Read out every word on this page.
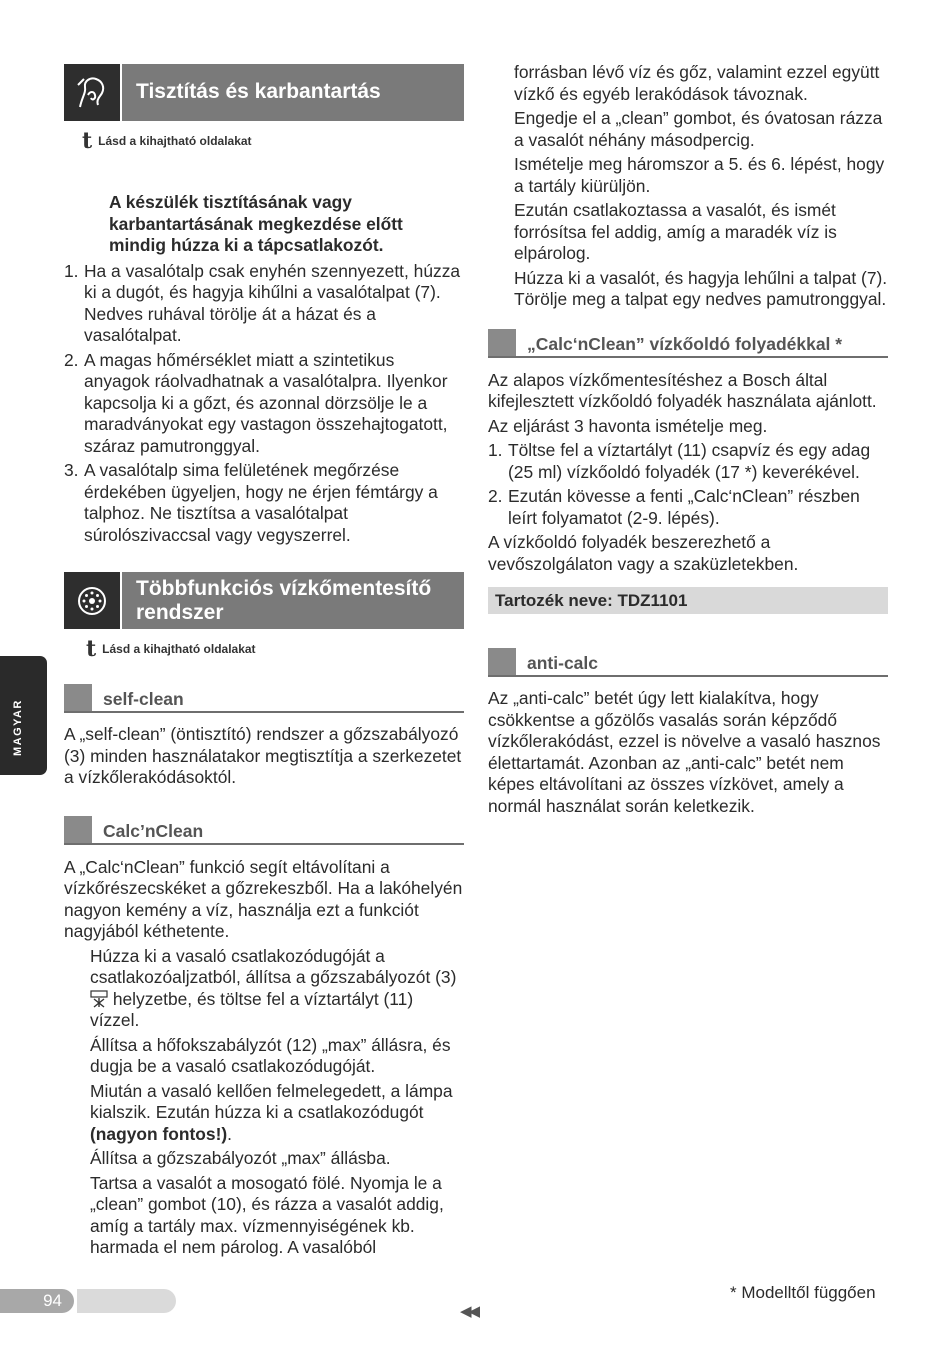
Tisztítás és karbantartás
t Lásd a kihajtható oldalakat

A készülék tisztításának vagy karbantartásának megkezdése előtt mindig húzza ki a tápcsatlakozót.

1. Ha a vasalótalp csak enyhén szennyezett, húzza ki a dugót, és hagyja kihűlni a vasalótalpat (7). Nedves ruhával törölje át a házat és a vasalótalpat.
2. A magas hőmérséklet miatt a szintetikus anyagok ráolvadhatnak a vasalótalpra. Ilyenkor kapcsolja ki a gőzt, és azonnal dörzsölje le a maradványokat egy vastagon összehajtogatott, száraz pamutronggyal.
3. A vasalótalp sima felületének megőrzése érdekében ügyeljen, hogy ne érjen fémtárgy a talphoz. Ne tisztítsa a vasalótalpat súrolószivaccsal vagy vegyszerrel.
Többfunkciós vízkőmentesítő rendszer
t Lásd a kihajtható oldalakat
self-clean

A „self-clean” (öntisztító) rendszer a gőzszabályozó (3) minden használatakor megtisztítja a szerkezetet a vízkőlerakódásoktól.

Calc’nClean

A „Calc‘nClean” funkció segít eltávolítani a vízkőrészecskéket a gőzrekeszből. Ha a lakóhelyén nagyon kemény a víz, használja ezt a funkciót nagyjából kéthetente.

Húzza ki a vasaló csatlakozódugóját a csatlakozóaljzatból, állítsa a gőzszabályozót (3)  helyzetbe, és töltse fel a víztartályt (11) vízzel.

Állítsa a hőfokszabályzót (12) „max” állásra, és dugja be a vasaló csatlakozódugóját.

Miután a vasaló kellően felmelegedett, a lámpa kialszik. Ezután húzza ki a csatlakozódugót (nagyon fontos!).

Állítsa a gőzszabályozót „max” állásba.

Tartsa a vasalót a mosogató fölé. Nyomja le a „clean” gombot (10), és rázza a vasalót addig, amíg a tartály max. vízmennyiségének kb. harmada el nem párolog. A vasalóból

forrásban lévő víz és gőz, valamint ezzel együtt vízkő és egyéb lerakódások távoznak.

Engedje el a „clean” gombot, és óvatosan rázza a vasalót néhány másodpercig.

Ismételje meg háromszor a 5. és 6. lépést, hogy a tartály kiürüljön.

Ezután csatlakoztassa a vasalót, és ismét forrósítsa fel addig, amíg a maradék víz is elpárolog.

Húzza ki a vasalót, és hagyja lehűlni a talpat (7). Törölje meg a talpat egy nedves pamutronggyal.

„Calc‘nClean” vízkőoldó folyadékkal *

Az alapos vízkőmentesítéshez a Bosch által kifejlesztett vízkőoldó folyadék használata ajánlott.

Az eljárást 3 havonta ismételje meg.

1. Töltse fel a víztartályt (11) csapvíz és egy adag (25 ml) vízkőoldó folyadék (17 *) keverékével.
2. Ezután kövesse a fenti „Calc‘nClean” részben leírt folyamatot (2-9. lépés).

A vízkőoldó folyadék beszerezhető a vevőszolgálaton vagy a szaküzletekben.

Tartozék neve: TDZ1101
anti-calc

Az „anti-calc” betét úgy lett kialakítva, hogy csökkentse a gőzölős vasalás során képződő vízkőlerakódást, ezzel is növelve a vasaló hasznos élettartamát. Azonban az „anti-calc” betét nem képes eltávolítani az összes vízkövet, amely a normál használat során keletkezik.

MAGYAR
94
◀◀
* Modelltől függően
